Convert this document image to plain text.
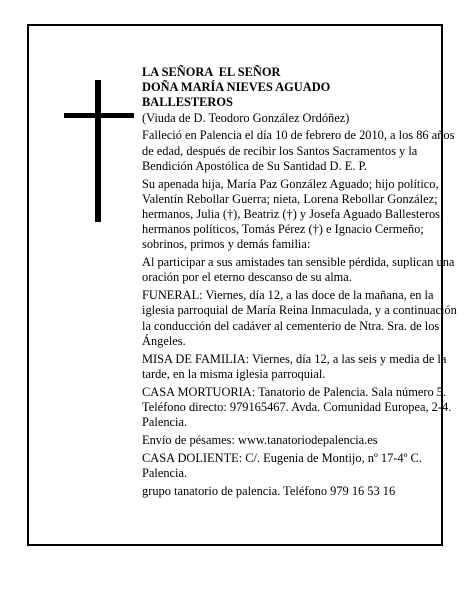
LA SEÑORA  EL SEÑOR

DOÑA MARÍA NIEVES AGUADO

BALLESTEROS

(Viuda de D. Teodoro González Ordóñez)

Falleció en Palencia el día 10 de febrero de 2010, a los 86 años de edad, después de recibir los Santos Sacramentos y la Bendición Apostólica de Su Santidad D. E. P.

Su apenada hija, María Paz González Aguado; hijo político, Valentín Rebollar Guerra; nieta, Lorena Rebollar González; hermanos, Julia (†), Beatriz (†) y Josefa Aguado Ballesteros; hermanos políticos, Tomás Pérez (†) e Ignacio Cermeño; sobrinos, primos y demás familia:

Al participar a sus amistades tan sensible pérdida, suplican una oración por el eterno descanso de su alma.

FUNERAL: Viernes, día 12, a las doce de la mañana, en la iglesia parroquial de María Reina Inmaculada, y a continuación la conducción del cadáver al cementerio de Ntra. Sra. de los Ángeles.

MISA DE FAMILIA: Viernes, día 12, a las seis y media de la tarde, en la misma iglesia parroquial.

CASA MORTUORIA: Tanatorio de Palencia. Sala número 5. Teléfono directo: 979165467. Avda. Comunidad Europea, 2-4. Palencia.

Envío de pésames: www.tanatoriodepalencia.es

CASA DOLIENTE: C/. Eugenia de Montijo, nº 17-4º C. Palencia.

grupo tanatorio de palencia. Teléfono 979 16 53 16
